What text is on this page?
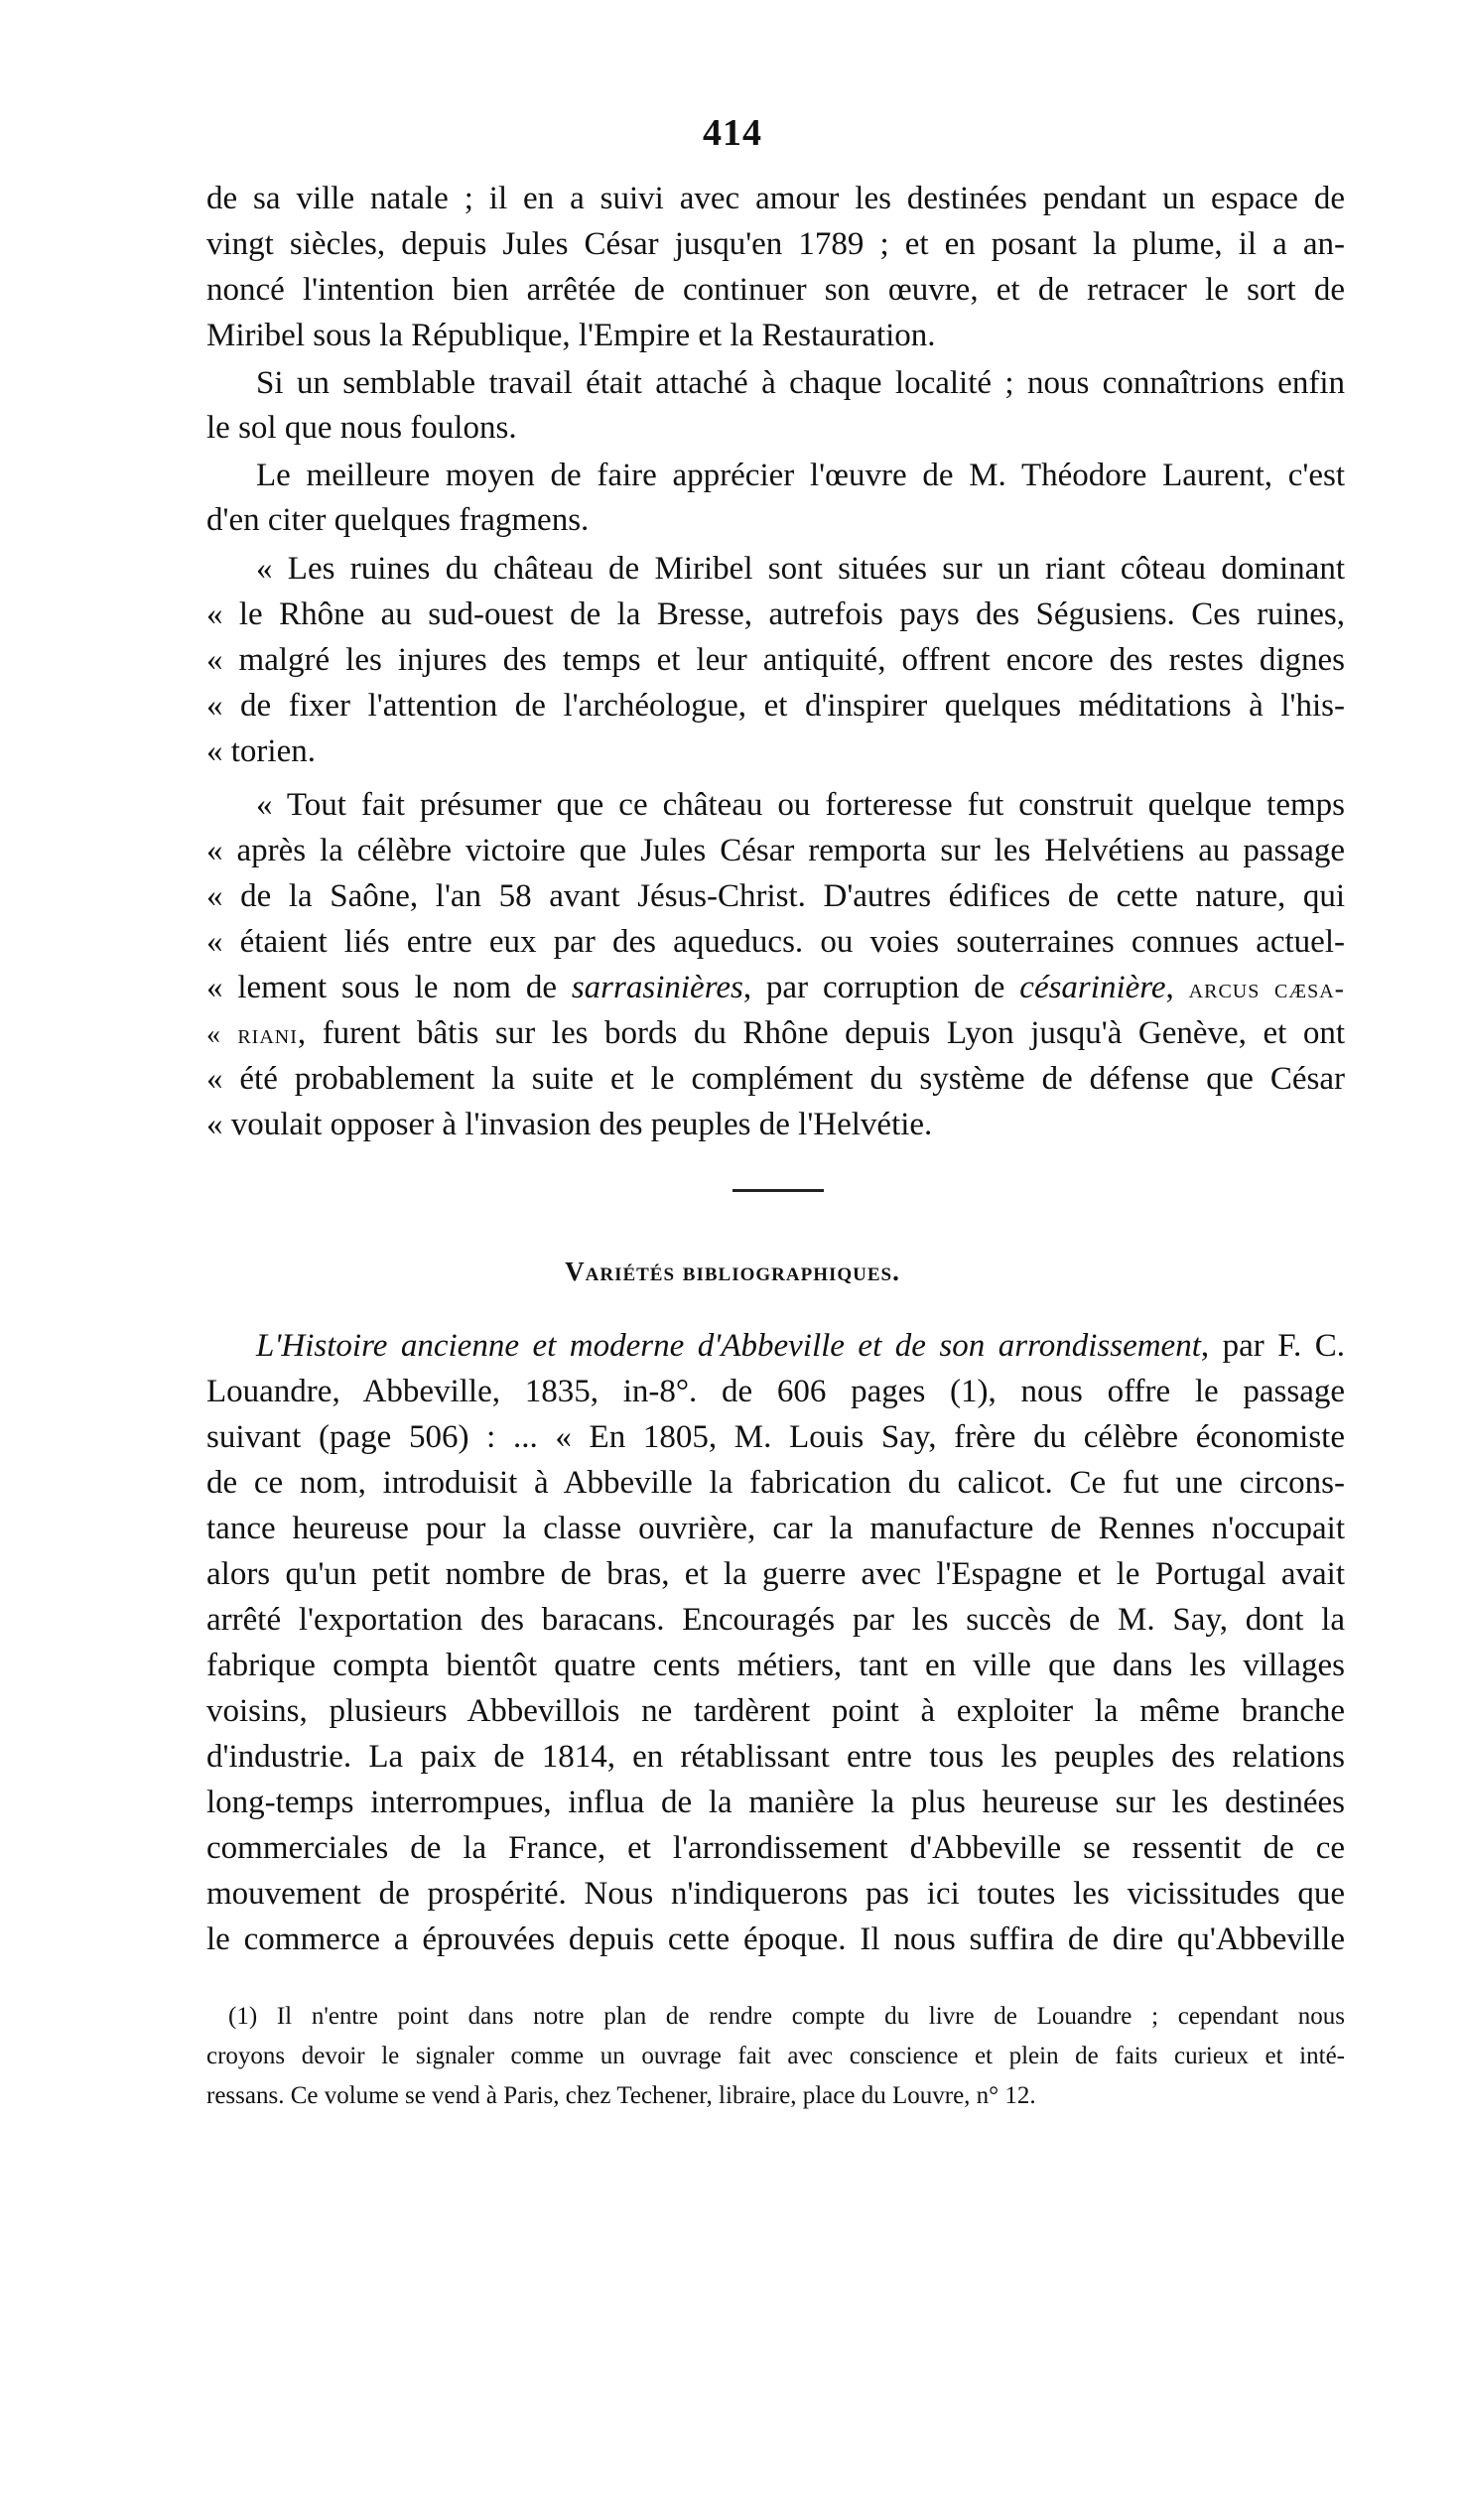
414
de sa ville natale ; il en a suivi avec amour les destinées pendant un espace de
vingt siècles, depuis Jules César jusqu'en 1789 ; et en posant la plume, il a an-
noncé l'intention bien arrêtée de continuer son œuvre, et de retracer le sort de
Miribel sous la République, l'Empire et la Restauration.
Si un semblable travail était attaché à chaque localité ; nous connaîtrions enfin
le sol que nous foulons.
Le meilleure moyen de faire apprécier l'œuvre de M. Théodore Laurent, c'est
d'en citer quelques fragmens.
« Les ruines du château de Miribel sont situées sur un riant côteau dominant
« le Rhône au sud-ouest de la Bresse, autrefois pays des Ségusiens. Ces ruines,
« malgré les injures des temps et leur antiquité, offrent encore des restes dignes
« de fixer l'attention de l'archéologue, et d'inspirer quelques méditations à l'his-
« torien.
« Tout fait présumer que ce château ou forteresse fut construit quelque temps
« après la célèbre victoire que Jules César remporta sur les Helvétiens au passage
« de la Saône, l'an 58 avant Jésus-Christ. D'autres édifices de cette nature, qui
« étaient liés entre eux par des aqueducs. ou voies souterraines connues actuel-
« lement sous le nom de sarrasinières, par corruption de césarinière, arcus cæsa-
« riani, furent bâtis sur les bords du Rhône depuis Lyon jusqu'à Genève, et ont
« été probablement la suite et le complément du système de défense que César
« voulait opposer à l'invasion des peuples de l'Helvétie.
Variétés bibliographiques.
L'Histoire ancienne et moderne d'Abbeville et de son arrondissement, par F. C.
Louandre, Abbeville, 1835, in-8°. de 606 pages (1), nous offre le passage
suivant (page 506) : ... « En 1805, M. Louis Say, frère du célèbre économiste
de ce nom, introduisit à Abbeville la fabrication du calicot. Ce fut une circons-
tance heureuse pour la classe ouvrière, car la manufacture de Rennes n'occupait
alors qu'un petit nombre de bras, et la guerre avec l'Espagne et le Portugal avait
arrêté l'exportation des baracans. Encouragés par les succès de M. Say, dont la
fabrique compta bientôt quatre cents métiers, tant en ville que dans les villages
voisins, plusieurs Abbevillois ne tardèrent point à exploiter la même branche
d'industrie. La paix de 1814, en rétablissant entre tous les peuples des relations
long-temps interrompues, influa de la manière la plus heureuse sur les destinées
commerciales de la France, et l'arrondissement d'Abbeville se ressentit de ce
mouvement de prospérité. Nous n'indiquerons pas ici toutes les vicissitudes que
le commerce a éprouvées depuis cette époque. Il nous suffira de dire qu'Abbeville
(1) Il n'entre point dans notre plan de rendre compte du livre de Louandre ; cependant nous
croyons devoir le signaler comme un ouvrage fait avec conscience et plein de faits curieux et inté-
ressans. Ce volume se vend à Paris, chez Techener, libraire, place du Louvre, n° 12.
